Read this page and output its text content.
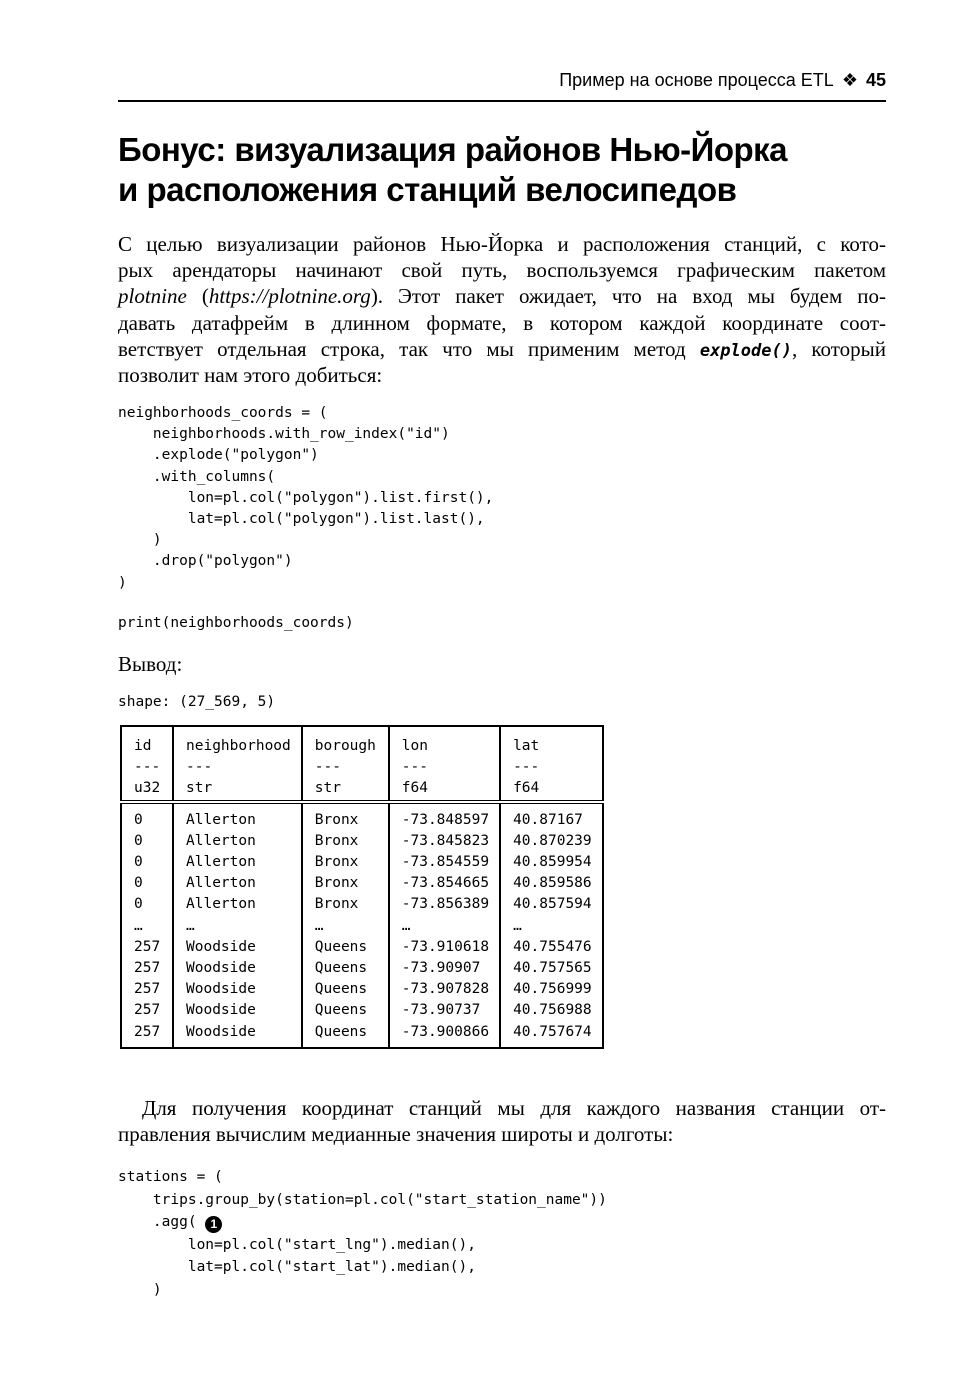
Пример на основе процесса ETL ❖ 45
Бонус: визуализация районов Нью-Йорка
и расположения станций велосипедов

С целью визуализации районов Нью-Йорка и расположения станций, с кото-
рых арендаторы начинают свой путь, воспользуемся графическим пакетом
plotnine (https://plotnine.org). Этот пакет ожидает, что на вход мы будем по-
давать датафрейм в длинном формате, в котором каждой координате соот-
ветствует отдельная строка, так что мы применим метод explode(), который
позволит нам этого добиться:

neighborhoods_coords = (
neighborhoods.with_row_index("id")
.explode("polygon")
.with_columns(
lon=pl.col("polygon").list.first(),
lat=pl.col("polygon").list.last(),
)
.drop("polygon")
)
print(neighborhoods_coords)

Вывод:

shape: (27_569, 5)

id	neighborhood	borough	lon	lat
---	---	---	---	---
u32	str	str	f64	f64

0	Allerton	Bronx	-73.848597	40.87167
0	Allerton	Bronx	-73.845823	40.870239
0	Allerton	Bronx	-73.854559	40.859954
0	Allerton	Bronx	-73.854665	40.859586
0	Allerton	Bronx	-73.856389	40.857594
…	…	…	…	…
257	Woodside	Queens	-73.910618	40.755476
257	Woodside	Queens	-73.90907	40.757565
257	Woodside	Queens	-73.907828	40.756999
257	Woodside	Queens	-73.90737	40.756988
257	Woodside	Queens	-73.900866	40.757674

Для получения координат станций мы для каждого названия станции от-
правления вычислим медианные значения широты и долготы:

stations = (
trips.group_by(station=pl.col("start_station_name"))
.agg( 1
lon=pl.col("start_lng").median(),
lat=pl.col("start_lat").median(),
)
